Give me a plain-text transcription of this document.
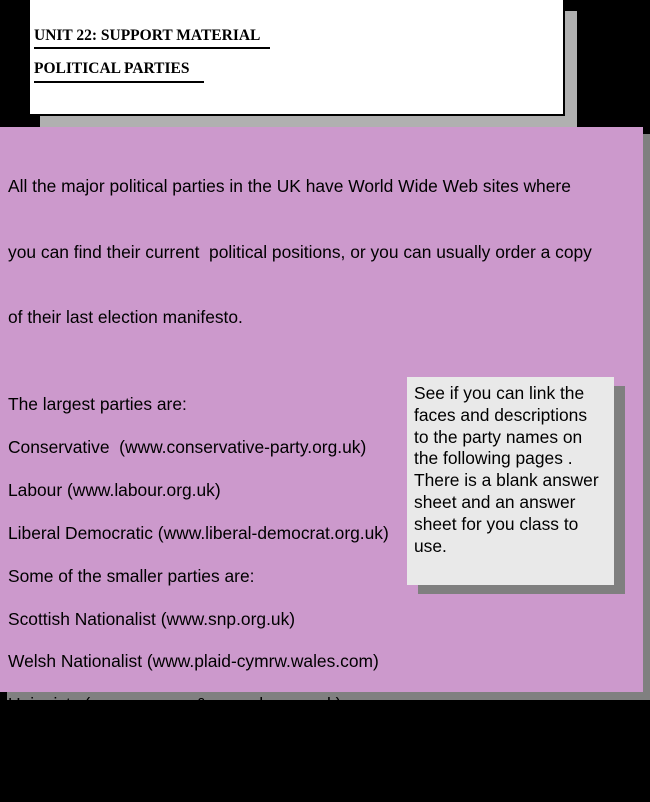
UNIT 22: SUPPORT MATERIAL
POLITICAL PARTIES

All the major political parties in the UK have World Wide Web sites where

you can find their current  political positions, or you can usually order a copy

of their last election manifesto.

The largest parties are:
Conservative  (www.conservative-party.org.uk)
Labour (www.labour.org.uk)
Liberal Democratic (www.liberal-democrat.org.uk)
Some of the smaller parties are:
Scottish Nationalist (www.snp.org.uk)
Welsh Nationalist (www.plaid-cymrw.wales.com)
Unionists (www.uup.org & www.dup.org.uk)
SDLP (www.sdlp.ie)
Sinn Fein (www.sinnfein.ie)
See if you can link the
faces and descriptions
to the party names on
the following pages .
There is a blank answer
sheet and an answer
sheet for you class to
use.
